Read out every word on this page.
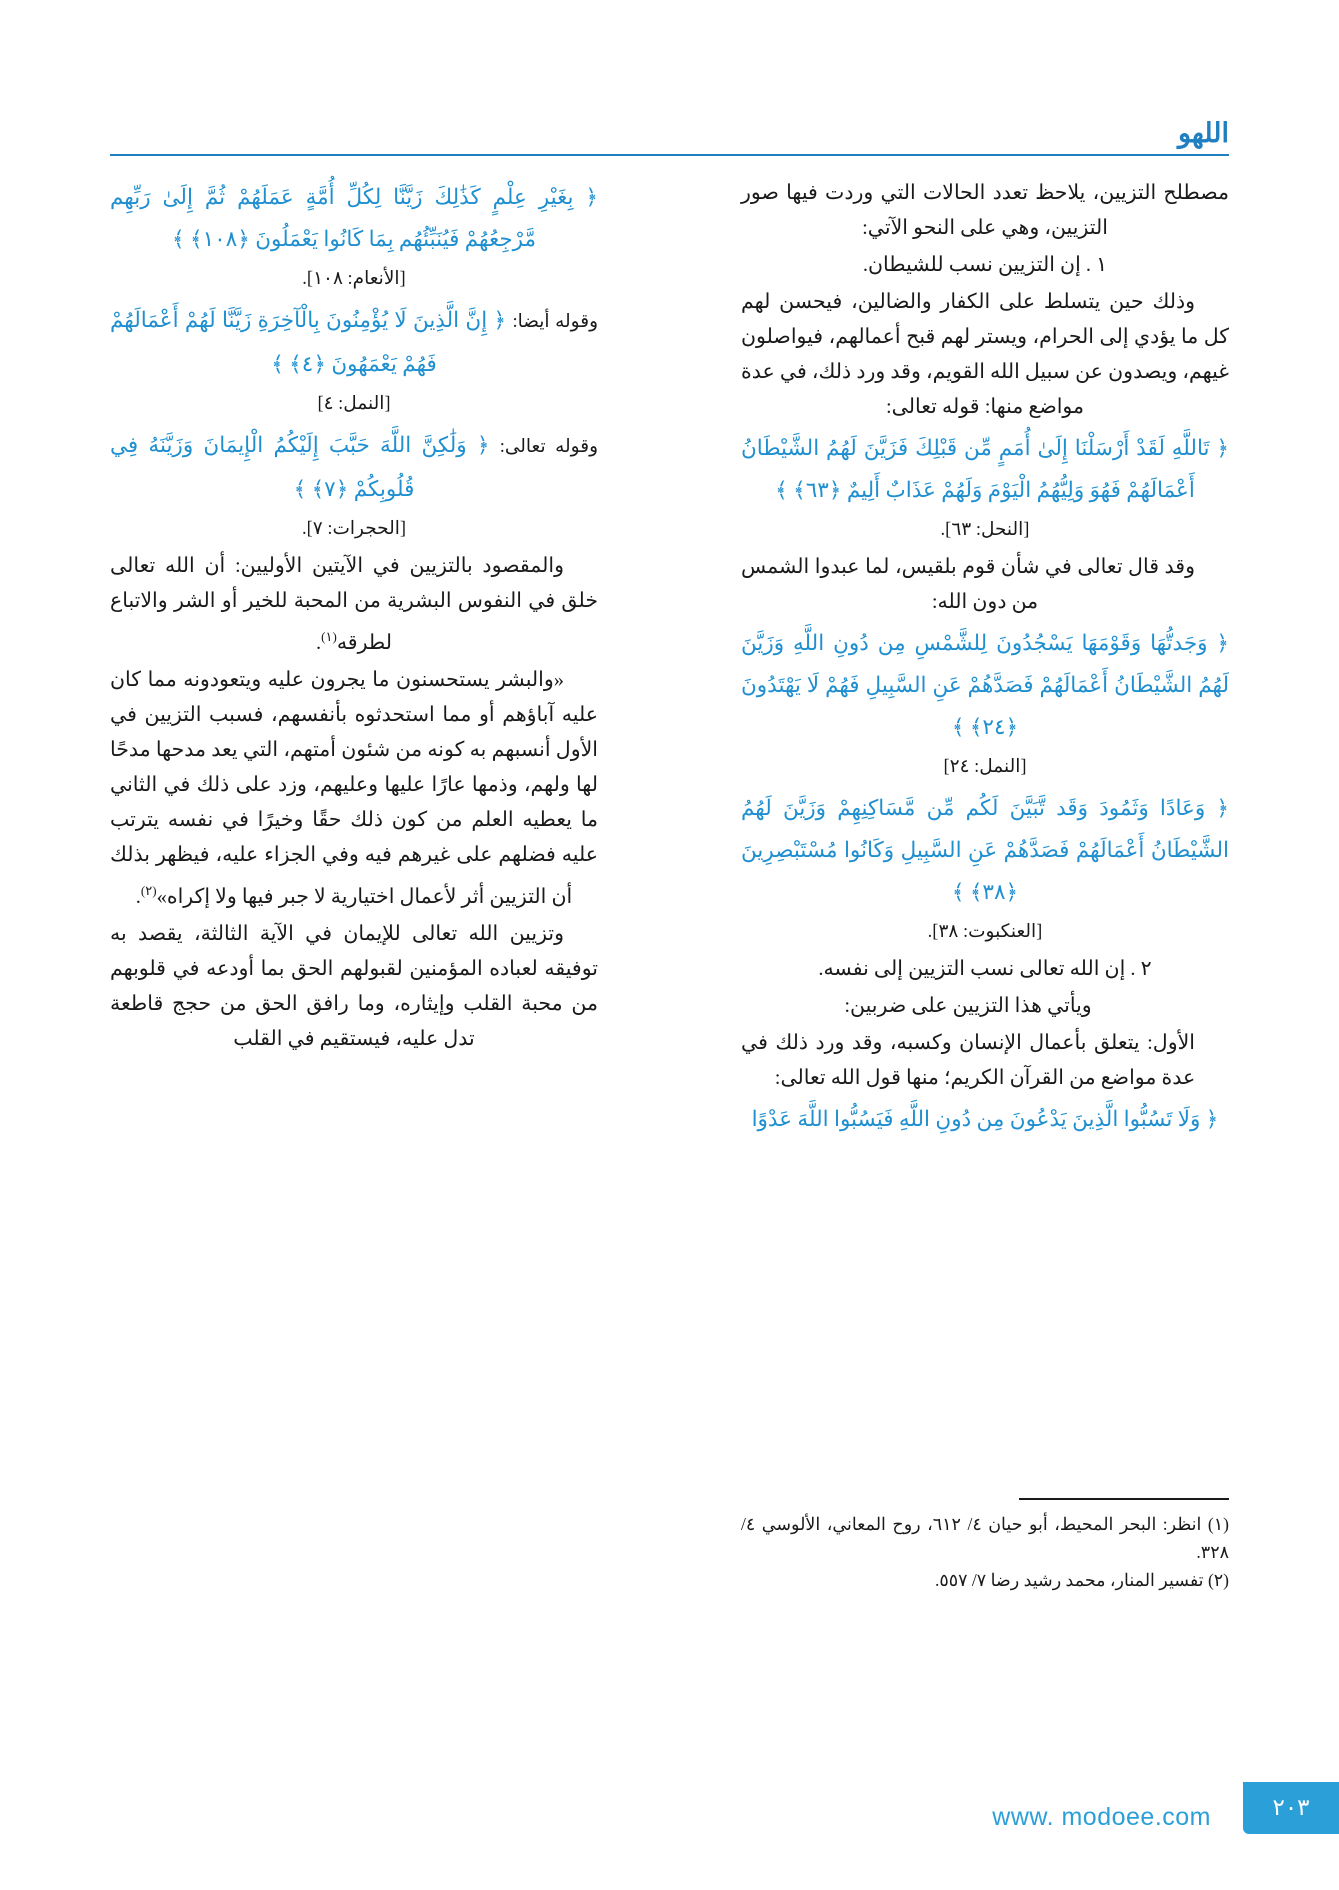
اللهو

﴿ بِغَيْرِ عِلْمٍ كَذَٰلِكَ زَيَّنَّا لِكُلِّ أُمَّةٍ عَمَلَهُمْ ثُمَّ إِلَىٰ رَبِّهِم مَّرْجِعُهُمْ فَيُنَبِّئُهُم بِمَا كَانُوا يَعْمَلُونَ ﴿١٠٨﴾ ﴾

[الأنعام: ١٠٨].

وقوله أيضا: ﴿ إِنَّ الَّذِينَ لَا يُؤْمِنُونَ بِالْآخِرَةِ زَيَّنَّا لَهُمْ أَعْمَالَهُمْ فَهُمْ يَعْمَهُونَ ﴿٤﴾ ﴾

[النمل: ٤]

وقوله تعالى: ﴿ وَلَٰكِنَّ اللَّهَ حَبَّبَ إِلَيْكُمُ الْإِيمَانَ وَزَيَّنَهُ فِي قُلُوبِكُمْ ﴿٧﴾ ﴾

[الحجرات: ٧].

والمقصود بالتزيين في الآيتين الأوليين: أن الله تعالى خلق في النفوس البشرية من المحبة للخير أو الشر والاتباع لطرقه$^{(١)}$.

«والبشر يستحسنون ما يجرون عليه ويتعودونه مما كان عليه آباؤهم أو مما استحدثوه بأنفسهم، فسبب التزيين في الأول أنسبهم به كونه من شئون أمتهم، التي يعد مدحها مدحًا لها ولهم، وذمها عارًا عليها وعليهم، وزد على ذلك في الثاني ما يعطيه العلم من كون ذلك حقًا وخيرًا في نفسه يترتب عليه فضلهم على غيرهم فيه وفي الجزاء عليه، فيظهر بذلك أن التزيين أثر لأعمال اختيارية لا جبر فيها ولا إكراه»$^{(٢)}$.

وتزيين الله تعالى للإيمان في الآية الثالثة، يقصد به توفيقه لعباده المؤمنين لقبولهم الحق بما أودعه في قلوبهم من محبة القلب وإيثاره، وما رافق الحق من حجج قاطعة تدل عليه، فيستقيم في القلب

مصطلح التزيين، يلاحظ تعدد الحالات التي وردت فيها صور التزيين، وهي على النحو الآتي:

١ . إن التزيين نسب للشيطان.

وذلك حين يتسلط على الكفار والضالين، فيحسن لهم كل ما يؤدي إلى الحرام، ويستر لهم قبح أعمالهم، فيواصلون غيهم، ويصدون عن سبيل الله القويم، وقد ورد ذلك، في عدة مواضع منها: قوله تعالى:

﴿ تَاللَّهِ لَقَدْ أَرْسَلْنَا إِلَىٰ أُمَمٍ مِّن قَبْلِكَ فَزَيَّنَ لَهُمُ الشَّيْطَانُ أَعْمَالَهُمْ فَهُوَ وَلِيُّهُمُ الْيَوْمَ وَلَهُمْ عَذَابٌ أَلِيمٌ ﴿٦٣﴾ ﴾

[النحل: ٦٣].

وقد قال تعالى في شأن قوم بلقيس، لما عبدوا الشمس من دون الله:

﴿ وَجَدتُّهَا وَقَوْمَهَا يَسْجُدُونَ لِلشَّمْسِ مِن دُونِ اللَّهِ وَزَيَّنَ لَهُمُ الشَّيْطَانُ أَعْمَالَهُمْ فَصَدَّهُمْ عَنِ السَّبِيلِ فَهُمْ لَا يَهْتَدُونَ ﴿٢٤﴾ ﴾

[النمل: ٢٤]

﴿ وَعَادًا وَثَمُودَ وَقَد تَّبَيَّنَ لَكُم مِّن مَّسَاكِنِهِمْ وَزَيَّنَ لَهُمُ الشَّيْطَانُ أَعْمَالَهُمْ فَصَدَّهُمْ عَنِ السَّبِيلِ وَكَانُوا مُسْتَبْصِرِينَ ﴿٣٨﴾ ﴾

[العنكبوت: ٣٨].

٢ . إن الله تعالى نسب التزيين إلى نفسه.

ويأتي هذا التزيين على ضربين:

الأول: يتعلق بأعمال الإنسان وكسبه، وقد ورد ذلك في عدة مواضع من القرآن الكريم؛ منها قول الله تعالى:

﴿ وَلَا تَسُبُّوا الَّذِينَ يَدْعُونَ مِن دُونِ اللَّهِ فَيَسُبُّوا اللَّهَ عَدْوًا

(١) انظر: البحر المحيط، أبو حيان ٤/ ٦١٢، روح المعاني، الألوسي ٤/ ٣٢٨.

(٢) تفسير المنار، محمد رشيد رضا ٧/ ٥٥٧.

٢٠٣
www. modoee.com
